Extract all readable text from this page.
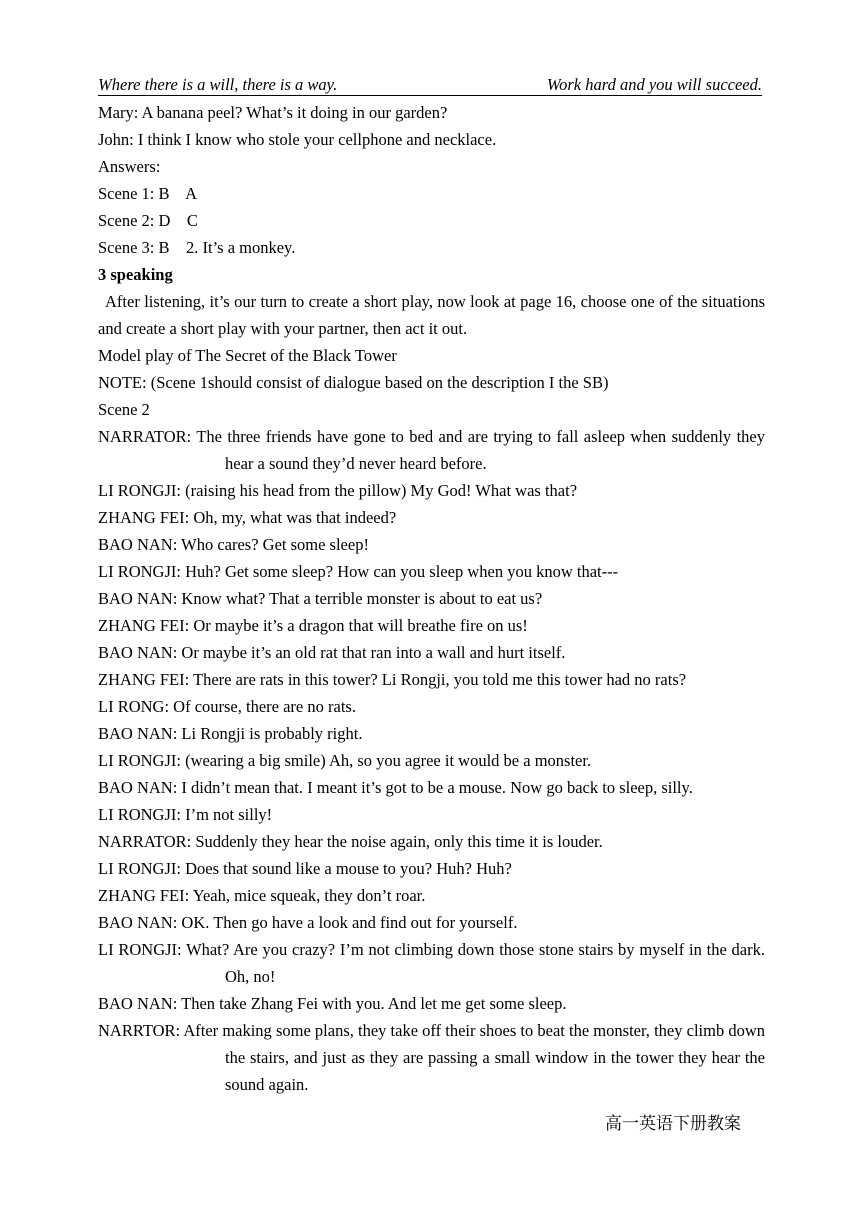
Where there is a will, there is a way.	Work hard and you will succeed.

Mary: A banana peel? What’s it doing in our garden?

John: I think I know who stole your cellphone and necklace.

Answers:

Scene 1: B    A

Scene 2: D    C

Scene 3: B    2. It’s a monkey.

3 speaking

After listening, it’s our turn to create a short play, now look at page 16, choose one of the situations and create a short play with your partner, then act it out.

Model play of The Secret of the Black Tower

NOTE: (Scene 1should consist of dialogue based on the description I the SB)

Scene 2

NARRATOR: The three friends have gone to bed and are trying to fall asleep when suddenly they hear a sound they’d never heard before.

LI RONGJI: (raising his head from the pillow) My God! What was that?

ZHANG FEI: Oh, my, what was that indeed?

BAO NAN: Who cares? Get some sleep!

LI RONGJI: Huh? Get some sleep? How can you sleep when you know that---

BAO NAN: Know what? That a terrible monster is about to eat us?

ZHANG FEI: Or maybe it’s a dragon that will breathe fire on us!

BAO NAN: Or maybe it’s an old rat that ran into a wall and hurt itself.

ZHANG FEI: There are rats in this tower? Li Rongji, you told me this tower had no rats?

LI RONG: Of course, there are no rats.

BAO NAN: Li Rongji is probably right.

LI RONGJI: (wearing a big smile) Ah, so you agree it would be a monster.

BAO NAN: I didn’t mean that. I meant it’s got to be a mouse. Now go back to sleep, silly.

LI RONGJI: I’m not silly!

NARRATOR: Suddenly they hear the noise again, only this time it is louder.

LI RONGJI: Does that sound like a mouse to you? Huh? Huh?

ZHANG FEI: Yeah, mice squeak, they don’t roar.

BAO NAN: OK. Then go have a look and find out for yourself.

LI RONGJI: What? Are you crazy? I’m not climbing down those stone stairs by myself in the dark. Oh, no!

BAO NAN: Then take Zhang Fei with you. And let me get some sleep.

NARRTOR: After making some plans, they take off their shoes to beat the monster, they climb down the stairs, and just as they are passing a small window in the tower they hear the sound again.

高一英语下册教案
